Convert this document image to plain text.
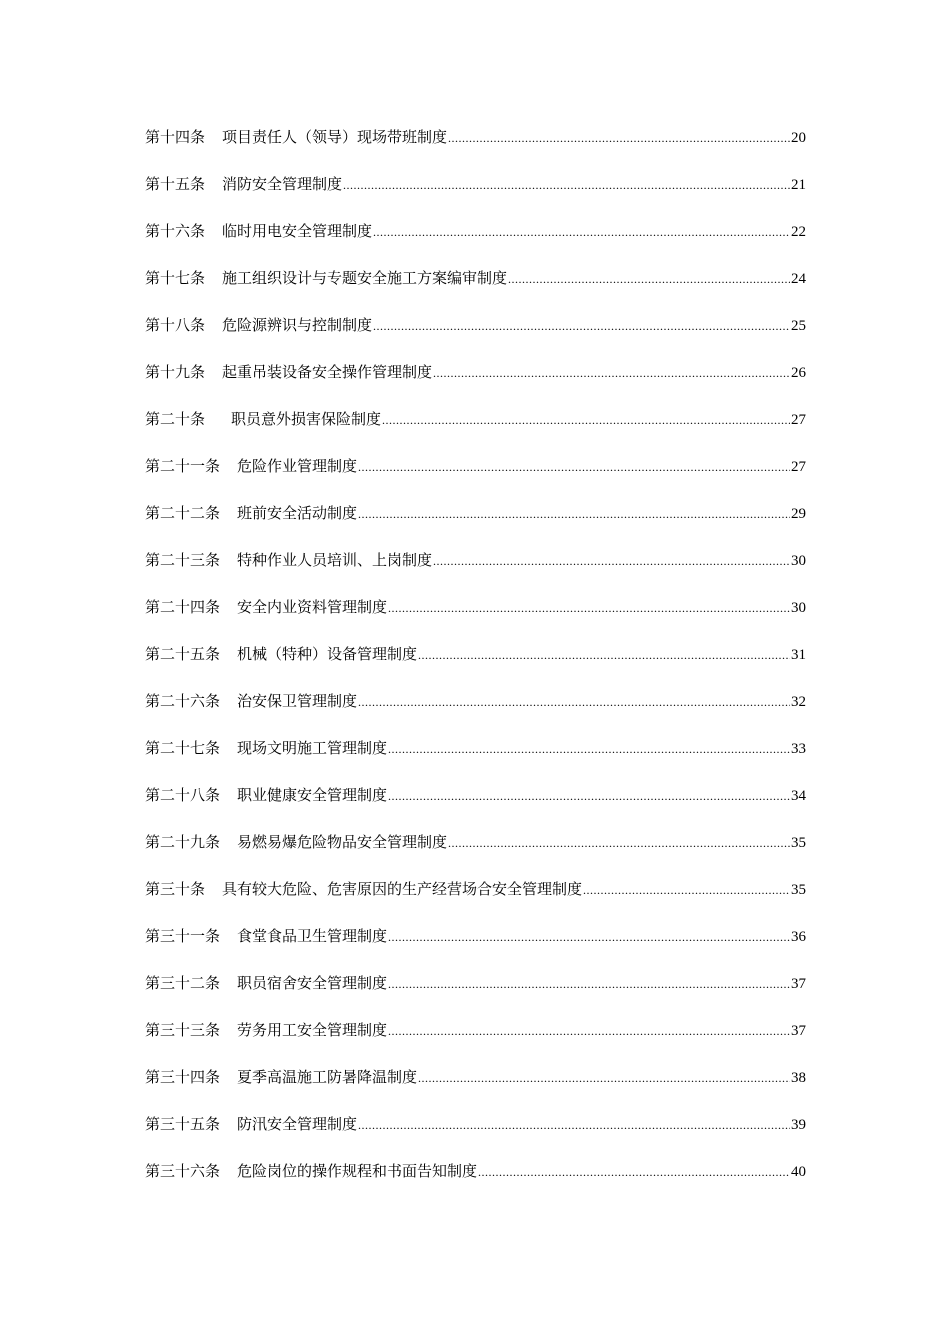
第十四条 项目责任人（领导）现场带班制度 .....	20
第十五条 消防安全管理制度 .....	21
第十六条 临时用电安全管理制度 .....	22
第十七条 施工组织设计与专题安全施工方案编审制度 .....	24
第十八条 危险源辨识与控制制度 .....	25
第十九条 起重吊装设备安全操作管理制度 .....	26
第二十条 职员意外损害保险制度 .....	27
第二十一条 危险作业管理制度 .....	27
第二十二条 班前安全活动制度 .....	29
第二十三条 特种作业人员培训、上岗制度 .....	30
第二十四条 安全内业资料管理制度 .....	30
第二十五条 机械（特种）设备管理制度 .....	31
第二十六条 治安保卫管理制度 .....	32
第二十七条 现场文明施工管理制度 .....	33
第二十八条 职业健康安全管理制度 .....	34
第二十九条 易燃易爆危险物品安全管理制度 .....	35
第三十条 具有较大危险、危害原因的生产经营场合安全管理制度 .....	35
第三十一条 食堂食品卫生管理制度 .....	36
第三十二条 职员宿舍安全管理制度 .....	37
第三十三条 劳务用工安全管理制度 .....	37
第三十四条 夏季高温施工防暑降温制度 .....	38
第三十五条 防汛安全管理制度 .....	39
第三十六条 危险岗位的操作规程和书面告知制度 .....	40
